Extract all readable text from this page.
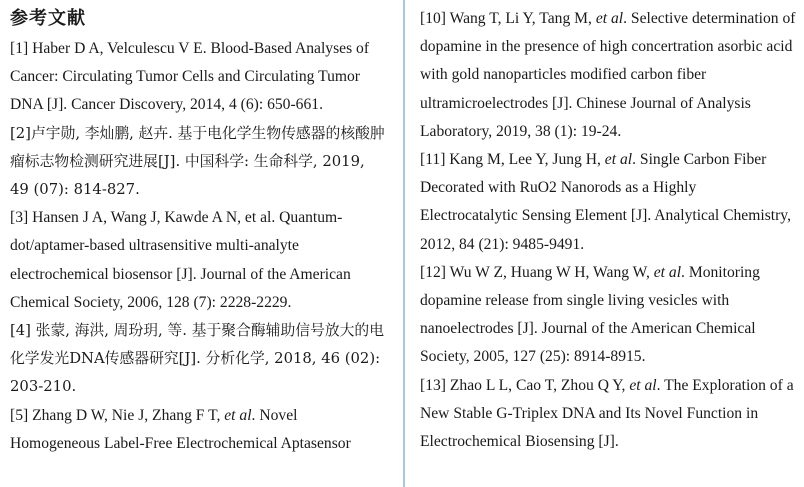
参考文献

[1] Haber D A, Velculescu V E. Blood-Based Analyses of Cancer: Circulating Tumor Cells and Circulating Tumor DNA [J]. Cancer Discovery, 2014, 4 (6): 650-661.

[2]卢宇勋, 李灿鹏, 赵卉. 基于电化学生物传感器的核酸肿瘤标志物检测研究进展[J]. 中国科学: 生命科学, 2019, 49 (07): 814-827.

[3] Hansen J A, Wang J, Kawde A N, et al. Quantum-dot/aptamer-based ultrasensitive multi-analyte electrochemical biosensor [J]. Journal of the American Chemical Society, 2006, 128 (7): 2228-2229.

[4] 张蒙, 海洪, 周玢玥, 等. 基于聚合酶辅助信号放大的电化学发光DNA传感器研究[J]. 分析化学, 2018, 46 (02): 203-210.

[5] Zhang D W, Nie J, Zhang F T, et al. Novel Homogeneous Label-Free Electrochemical Aptasensor

[10] Wang T, Li Y, Tang M, et al. Selective determination of dopamine in the presence of high concertration asorbic acid with gold nanoparticles modified carbon fiber ultramicroelectrodes [J]. Chinese Journal of Analysis Laboratory, 2019, 38 (1): 19-24.

[11] Kang M, Lee Y, Jung H, et al. Single Carbon Fiber Decorated with RuO2 Nanorods as a Highly Electrocatalytic Sensing Element [J]. Analytical Chemistry, 2012, 84 (21): 9485-9491.

[12] Wu W Z, Huang W H, Wang W, et al. Monitoring dopamine release from single living vesicles with nanoelectrodes [J]. Journal of the American Chemical Society, 2005, 127 (25): 8914-8915.

[13] Zhao L L, Cao T, Zhou Q Y, et al. The Exploration of a New Stable G-Triplex DNA and Its Novel Function in Electrochemical Biosensing [J].
